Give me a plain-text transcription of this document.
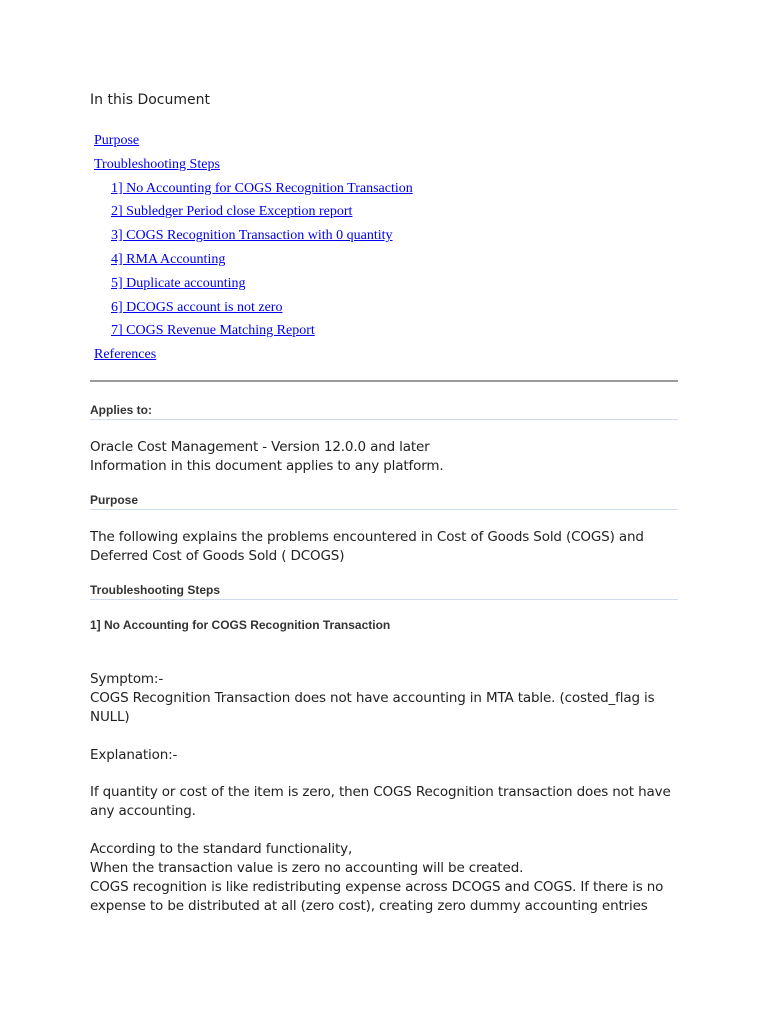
In this Document
Purpose
Troubleshooting Steps
1] No Accounting for COGS Recognition Transaction
2] Subledger Period close Exception report
3] COGS Recognition Transaction with 0 quantity
4] RMA Accounting
5] Duplicate accounting
6] DCOGS account is not zero
7] COGS Revenue Matching Report
References
Applies to:

Oracle Cost Management - Version 12.0.0 and later

Information in this document applies to any platform.

Purpose
The following explains the problems encountered in Cost of Goods Sold (COGS) and Deferred Cost of Goods Sold ( DCOGS)
Troubleshooting Steps
1] No Accounting for COGS Recognition Transaction

Symptom:-

COGS Recognition Transaction does not have accounting in MTA table. (costed_flag is NULL)

Explanation:-
If quantity or cost of the item is zero, then COGS Recognition transaction does not have any accounting.

According to the standard functionality,

When the transaction value is zero no accounting will be created.

COGS recognition is like redistributing expense across DCOGS and COGS. If there is no expense to be distributed at all (zero cost), creating zero dummy accounting entries
